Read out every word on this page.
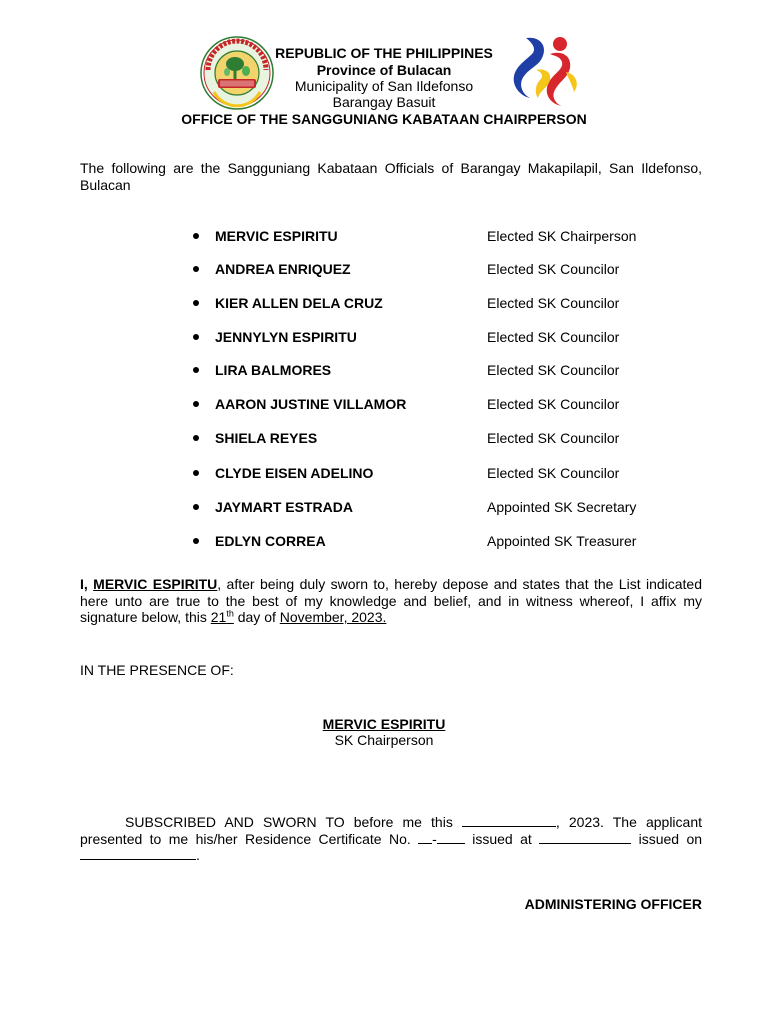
REPUBLIC OF THE PHILIPPINES
Province of Bulacan
Municipality of San Ildefonso
Barangay Basuit
OFFICE OF THE SANGGUNIANG KABATAAN CHAIRPERSON
The following are the Sangguniang Kabataan Officials of Barangay Makapilapil, San Ildefonso, Bulacan
MERVIC ESPIRITU	Elected SK Chairperson
ANDREA ENRIQUEZ	Elected SK Councilor
KIER ALLEN DELA CRUZ	Elected SK Councilor
JENNYLYN ESPIRITU	Elected SK Councilor
LIRA BALMORES	Elected SK Councilor
AARON JUSTINE VILLAMOR	Elected SK Councilor
SHIELA REYES	Elected SK Councilor
CLYDE EISEN ADELINO	Elected SK Councilor
JAYMART ESTRADA	Appointed SK Secretary
EDLYN CORREA	Appointed SK Treasurer
I, MERVIC ESPIRITU, after being duly sworn to, hereby depose and states that the List indicated here unto are true to the best of my knowledge and belief, and in witness whereof, I affix my signature below, this 21th day of November, 2023.
IN THE PRESENCE OF:
MERVIC ESPIRITU
SK Chairperson
SUBSCRIBED AND SWORN TO before me this	, 2023. The applicant presented to me his/her Residence Certificate No. -	issued at	issued on .
ADMINISTERING OFFICER
